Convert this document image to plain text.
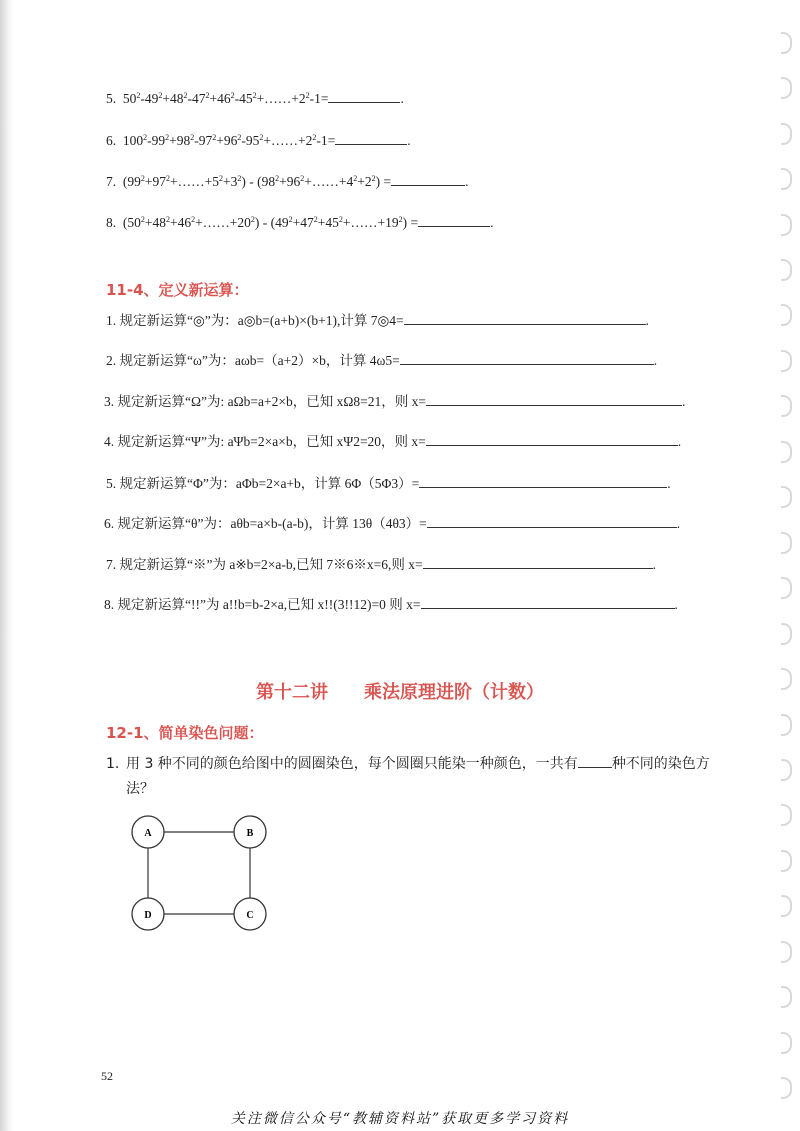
5. $50^2-49^2+48^2-47^2+46^2-45^2+\dots\dots+2^2-1=$	.
6. $100^2-99^2+98^2-97^2+96^2-95^2+\dots\dots+2^2-1=$	.
7. $(99^2+97^2+\dots\dots+5^2+3^2)$ - $(98^2+96^2+\dots\dots+4^2+2^2)$ =	.
8. $(50^2+48^2+46^2+\dots\dots+20^2)$ - $(49^2+47^2+45^2+\dots\dots+19^2)$ =	.
11-4、定义新运算：
1. 规定新运算“◎”为：a◎b=(a+b)×(b+1),计算 7◎4=	.
2. 规定新运算“ω”为：aωb=（a+2）×b，计算 4ω5=	.
3. 规定新运算“Ω”为: aΩb=a+2×b，已知 xΩ8=21，则 x=	.
4. 规定新运算“Ψ”为: aΨb=2×a×b，已知 xΨ2=20，则 x=	.
5. 规定新运算“Φ”为：aΦb=2×a+b，计算 6Φ（5Φ3）=	.
6. 规定新运算“θ”为：aθb=a×b-(a-b)，计算 13θ（4θ3）=	.
7. 规定新运算“※”为 a※b=2×a-b,已知 7※6※x=6,则 x=	.
8. 规定新运算“!!”为 a!!b=b-2×a,已知 x!!(3!!12)=0 则 x=	.
第十二讲 乘法原理进阶（计数）
12-1、简单染色问题：
1. 用 3 种不同的颜色给图中的圆圈染色，每个圆圈只能染一种颜色，一共有 种不同的染色方法？
A	B
C
D
52
关注微信公众号“教辅资料站”获取更多学习资料
